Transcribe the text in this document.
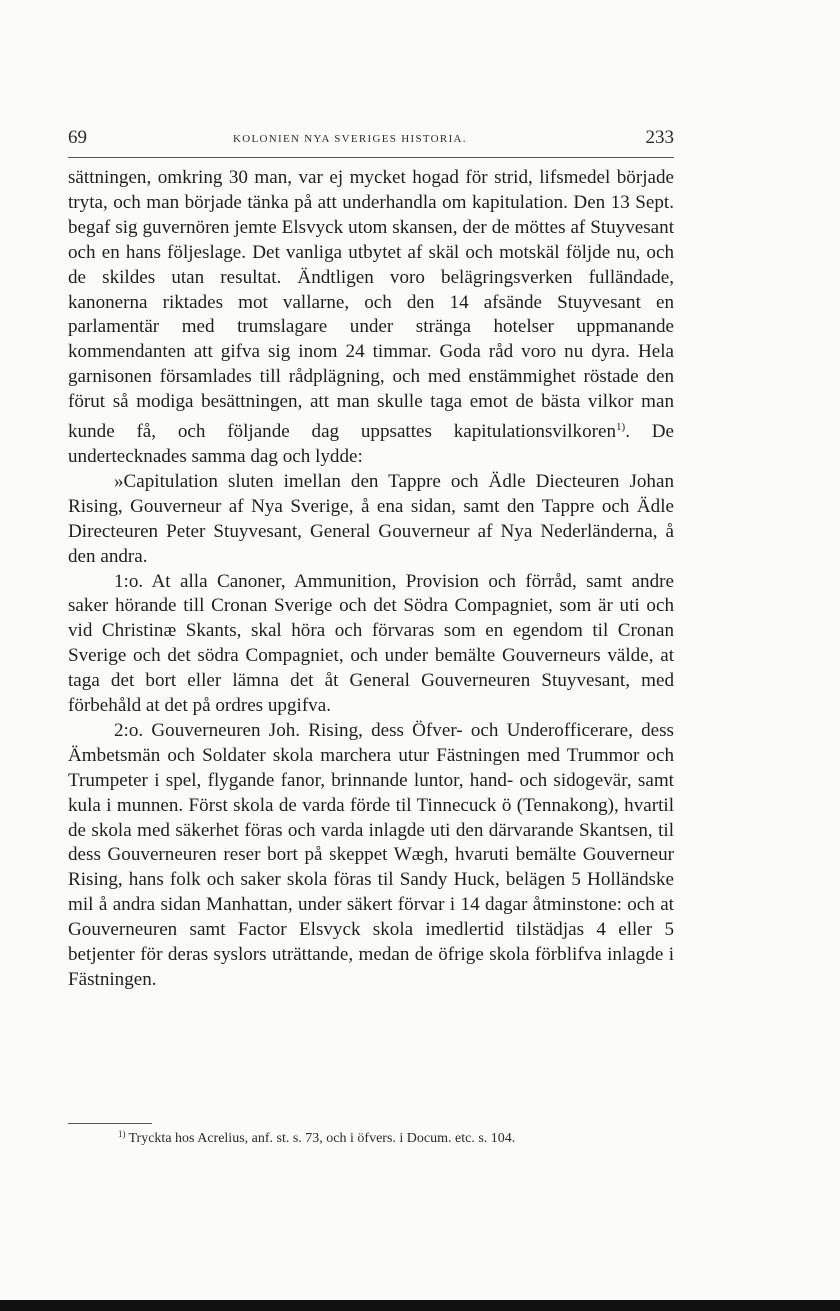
69	KOLONIEN NYA SVERIGES HISTORIA.	233

sättningen, omkring 30 man, var ej mycket hogad för strid, lifsmedel började tryta, och man började tänka på att underhandla om kapitulation. Den 13 Sept. begaf sig guvernören jemte Elsvyck utom skansen, der de möttes af Stuyvesant och en hans följeslage. Det vanliga utbytet af skäl och motskäl följde nu, och de skildes utan resultat. Ändtligen voro belägringsverken fulländade, kanonerna riktades mot vallarne, och den 14 afsände Stuyvesant en parlamentär med trumslagare under stränga hotelser uppmanande kommendanten att gifva sig inom 24 timmar. Goda råd voro nu dyra. Hela garnisonen församlades till rådplägning, och med enstämmighet röstade den förut så modiga besättningen, att man skulle taga emot de bästa vilkor man kunde få, och följande dag uppsattes kapitulationsvilkoren$^{1)}$. De undertecknades samma dag och lydde:

»Capitulation sluten imellan den Tappre och Ädle Diecteuren Johan Rising, Gouverneur af Nya Sverige, å ena sidan, samt den Tappre och Ädle Directeuren Peter Stuyvesant, General Gouverneur af Nya Nederländerna, å den andra.

1:o. At alla Canoner, Ammunition, Provision och förråd, samt andre saker hörande till Cronan Sverige och det Södra Compagniet, som är uti och vid Christinæ Skants, skal höra och förvaras som en egendom til Cronan Sverige och det södra Compagniet, och under bemälte Gouverneurs välde, at taga det bort eller lämna det åt General Gouverneuren Stuyvesant, med förbehåld at det på ordres upgifva.

2:o. Gouverneuren Joh. Rising, dess Öfver- och Underofficerare, dess Ämbetsmän och Soldater skola marchera utur Fästningen med Trummor och Trumpeter i spel, flygande fanor, brinnande luntor, hand- och sidogevär, samt kula i munnen. Först skola de varda förde til Tinnecuck ö (Tennakong), hvartil de skola med säkerhet föras och varda inlagde uti den därvarande Skantsen, til dess Gouverneuren reser bort på skeppet Wægh, hvaruti bemälte Gouverneur Rising, hans folk och saker skola föras til Sandy Huck, belägen 5 Holländske mil å andra sidan Manhattan, under säkert förvar i 14 dagar åtminstone: och at Gouverneuren samt Factor Elsvyck skola imedlertid tilstädjas 4 eller 5 betjenter för deras syslors uträttande, medan de öfrige skola förblifva inlagde i Fästningen.

$^{1)}$ Tryckta hos Acrelius, anf. st. s. 73, och i öfvers. i Docum. etc. s. 104.
